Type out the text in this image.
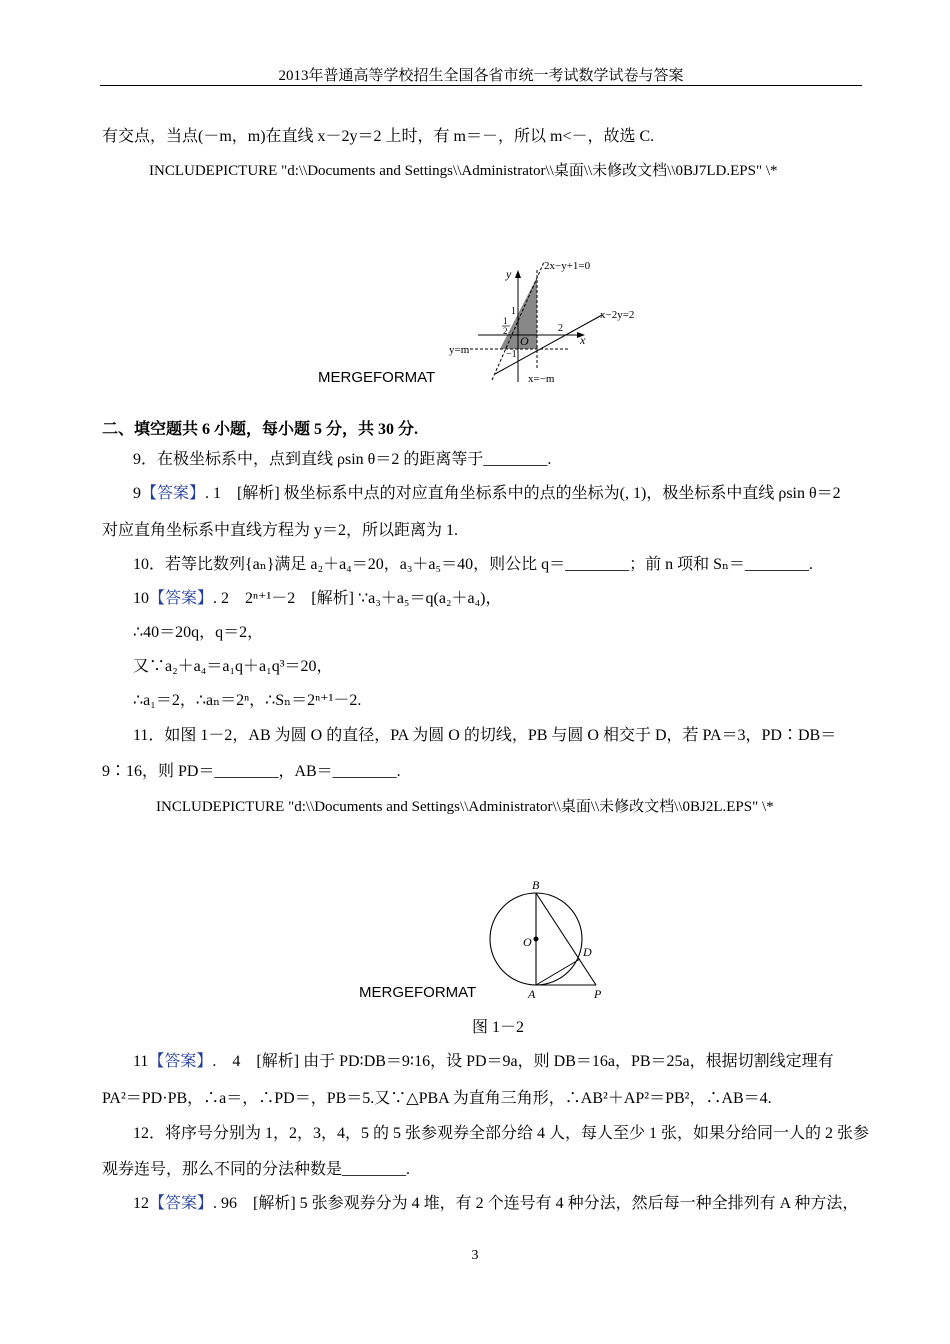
2013年普通高等学校招生全国各省市统一考试数学试卷与答案
有交点，当点(－m，m)在直线 x－2y＝2 上时，有 m＝－，所以 m<－，故选 C.
INCLUDEPICTURE "d:\\Documents and Settings\\Administrator\\桌面\\未修改文档\\0BJ7LD.EPS" \*
MERGEFORMAT
y
x
O
2x−y+1=0
x−2y=2
y=m
x=−m
1
1
2	2
−1
二、填空题共 6 小题，每小题 5 分，共 30 分.
9．在极坐标系中，点到直线 ρsin θ＝2 的距离等于________.
9【答案】. 1　[解析] 极坐标系中点的对应直角坐标系中的点的坐标为(, 1)，极坐标系中直线 ρsin θ＝2
对应直角坐标系中直线方程为 y＝2，所以距离为 1.
10．若等比数列{aₙ}满足 a₂＋a₄＝20，a₃＋a₅＝40，则公比 q＝________；前 n 项和 Sₙ＝________.
10【答案】. 2　2ⁿ⁺¹－2　[解析] ∵a₃＋a₅＝q(a₂＋a₄)，
∴40＝20q，q＝2，
又∵a₂＋a₄＝a₁q＋a₁q³＝20，
∴a₁＝2，∴aₙ＝2ⁿ，∴Sₙ＝2ⁿ⁺¹－2.
11．如图 1－2，AB 为圆 O 的直径，PA 为圆 O 的切线，PB 与圆 O 相交于 D，若 PA＝3，PD∶DB＝
9∶16，则 PD＝________，AB＝________.
INCLUDEPICTURE "d:\\Documents and Settings\\Administrator\\桌面\\未修改文档\\0BJ2L.EPS" \*
MERGEFORMAT
B
O
D
A	P
图 1－2
11【答案】.　4　[解析] 由于 PD∶DB＝9∶16，设 PD＝9a，则 DB＝16a，PB＝25a，根据切割线定理有
PA²＝PD·PB，∴a＝，∴PD＝，PB＝5.又∵△PBA 为直角三角形，∴AB²＋AP²＝PB²，∴AB＝4.
12．将序号分别为 1，2，3，4，5 的 5 张参观券全部分给 4 人，每人至少 1 张，如果分给同一人的 2 张参
观券连号，那么不同的分法种数是________.
12【答案】. 96　[解析] 5 张参观券分为 4 堆，有 2 个连号有 4 种分法，然后每一种全排列有 A 种方法，
3
